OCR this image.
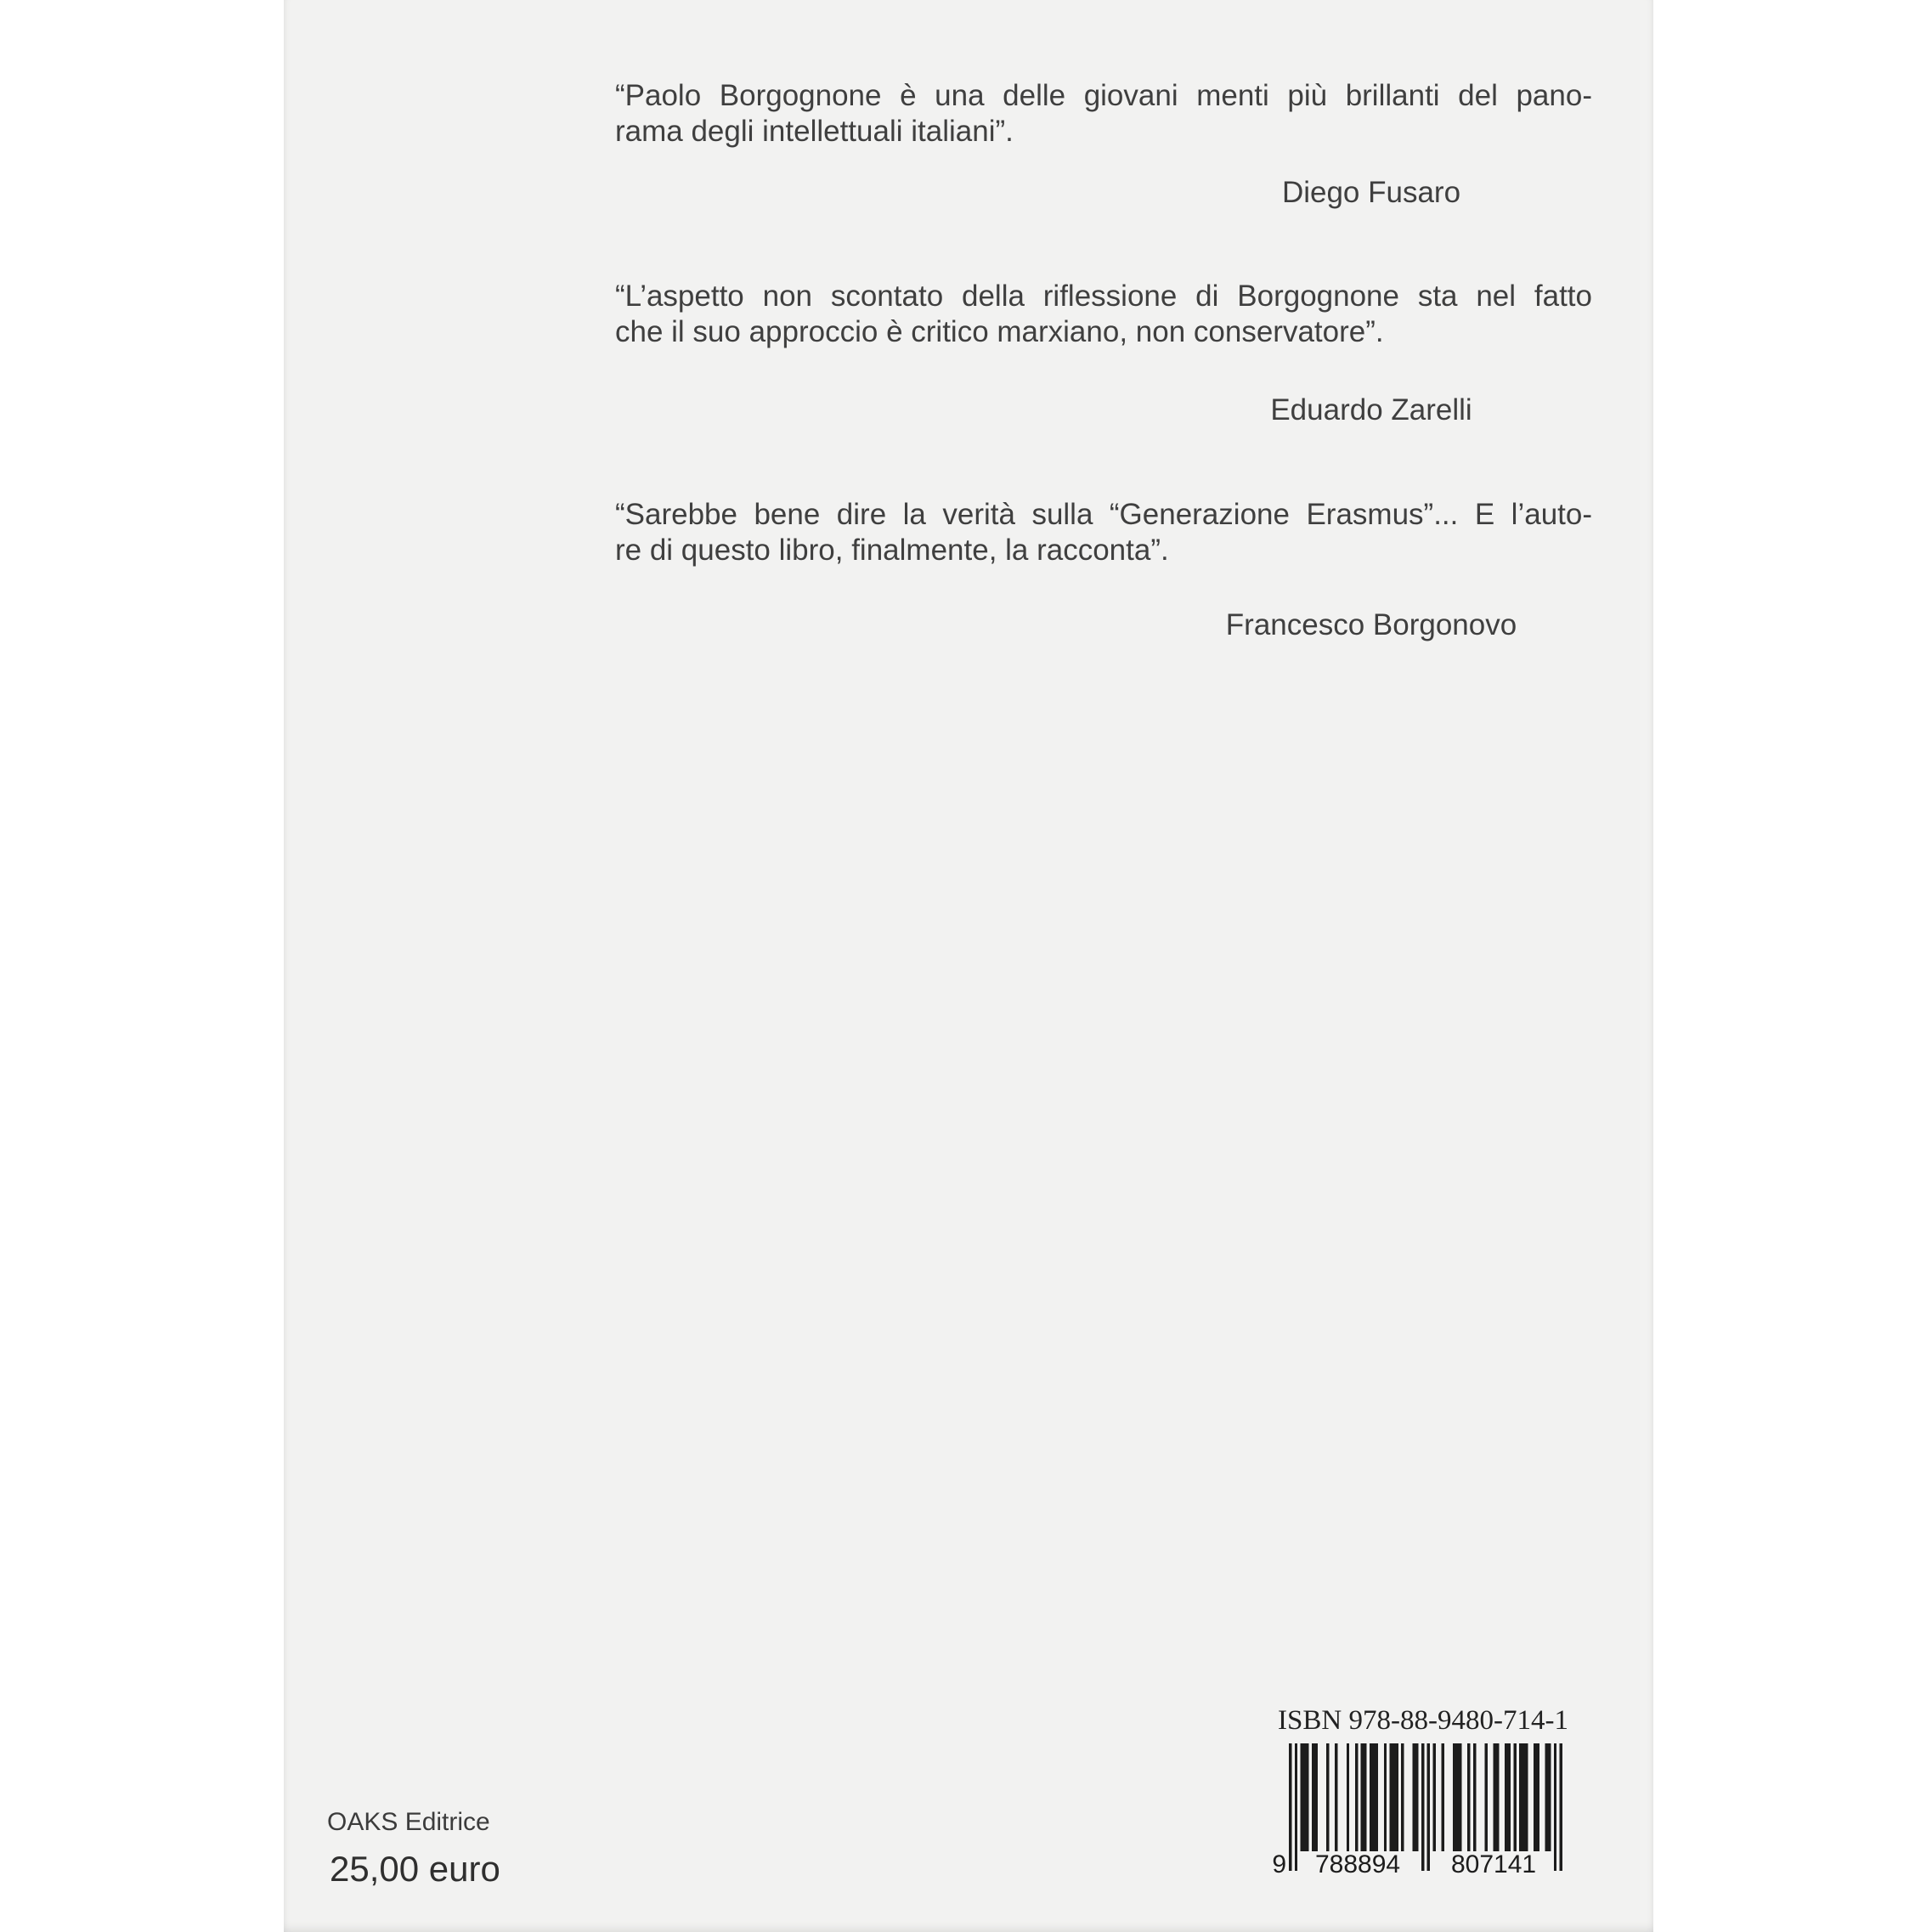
“Paolo Borgognone è una delle giovani menti più brillanti del pano-
rama degli intellettuali italiani”.
Diego Fusaro
“L’aspetto non scontato della riflessione di Borgognone sta nel fatto
che il suo approccio è critico marxiano, non conservatore”.
Eduardo Zarelli
“Sarebbe bene dire la verità sulla “Generazione Erasmus”... E l’auto-
re di questo libro, finalmente, la racconta”.
Francesco Borgonovo
OAKS Editrice
25,00 euro
ISBN 978-88-9480-714-1
9 788894 807141
